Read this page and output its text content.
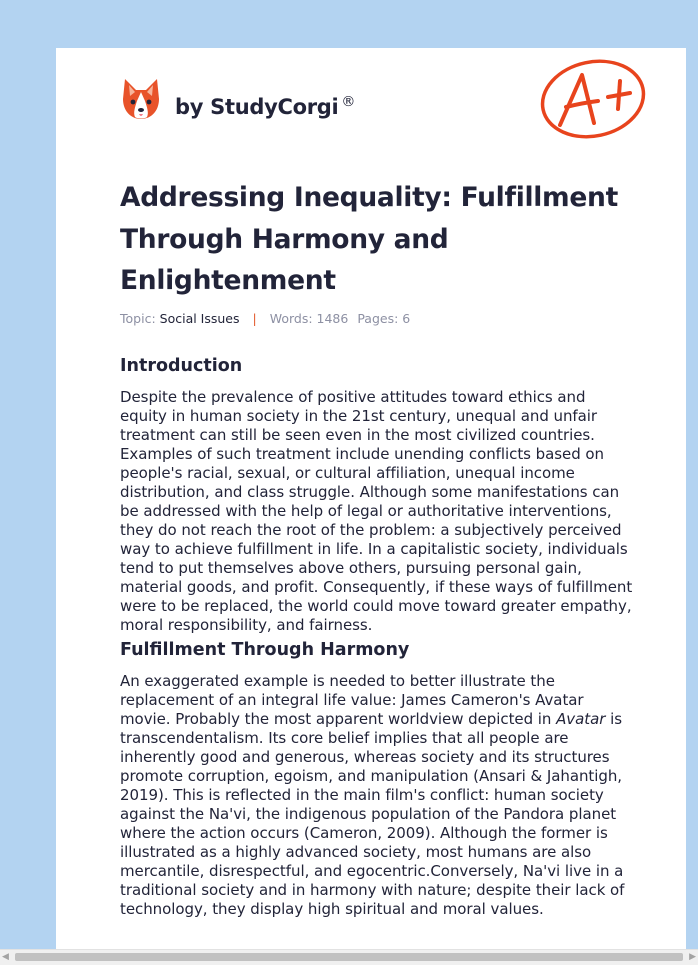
by StudyCorgi ®
Addressing Inequality: Fulfillment Through Harmony and Enlightenment
Topic: Social Issues | Words: 1486 Pages: 6
Introduction

Despite the prevalence of positive attitudes toward ethics and equity in human society in the 21st century, unequal and unfair treatment can still be seen even in the most civilized countries. Examples of such treatment include unending conflicts based on people's racial, sexual, or cultural affiliation, unequal income distribution, and class struggle. Although some manifestations can be addressed with the help of legal or authoritative interventions, they do not reach the root of the problem: a subjectively perceived way to achieve fulfillment in life. In a capitalistic society, individuals tend to put themselves above others, pursuing personal gain, material goods, and profit. Consequently, if these ways of fulfillment were to be replaced, the world could move toward greater empathy, moral responsibility, and fairness.

Fulfillment Through Harmony

An exaggerated example is needed to better illustrate the replacement of an integral life value: James Cameron's Avatar movie. Probably the most apparent worldview depicted in Avatar is transcendentalism. Its core belief implies that all people are inherently good and generous, whereas society and its structures promote corruption, egoism, and manipulation (Ansari & Jahantigh, 2019). This is reflected in the main film's conflict: human society against the Na'vi, the indigenous population of the Pandora planet where the action occurs (Cameron, 2009). Although the former is illustrated as a highly advanced society, most humans are also mercantile, disrespectful, and egocentric.Conversely, Na'vi live in a traditional society and in harmony with nature; despite their lack of technology, they display high spiritual and moral values.

◀	▶
